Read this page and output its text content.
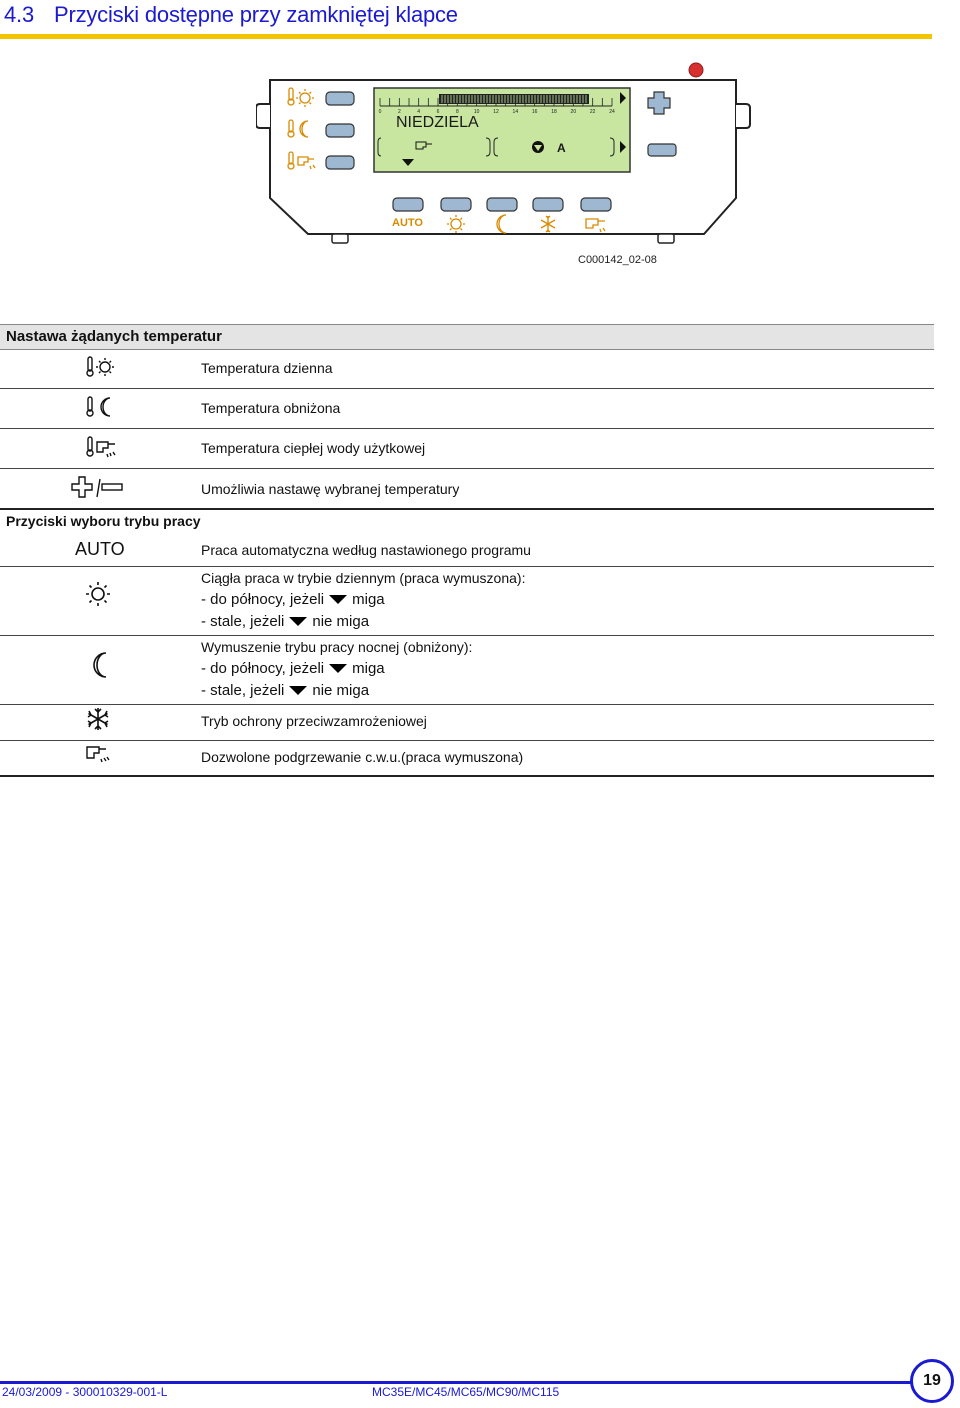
4.3 Przyciski dostępne przy zamkniętej klapce
0	2	4	6	8	10	12	14	16	18	20	22	24
NIEDZIELA
A
AUTO
C000142_02-08
Nastawa żądanych temperatur
Temperatura dzienna
Temperatura obniżona
Temperatura ciepłej wody użytkowej
Umożliwia nastawę wybranej temperatury
Przyciski wyboru trybu pracy
AUTO	Praca automatyczna według nastawionego programu
Ciągła praca w trybie dziennym (praca wymuszona):
- do północy, jeżeli miga
- stale, jeżeli nie miga
Wymuszenie trybu pracy nocnej (obniżony):
- do północy, jeżeli miga
- stale, jeżeli nie miga
Tryb ochrony przeciwzamrożeniowej
Dozwolone podgrzewanie c.w.u.(praca wymuszona)
24/03/2009 - 300010329-001-L	MC35E/MC45/MC65/MC90/MC115
19
